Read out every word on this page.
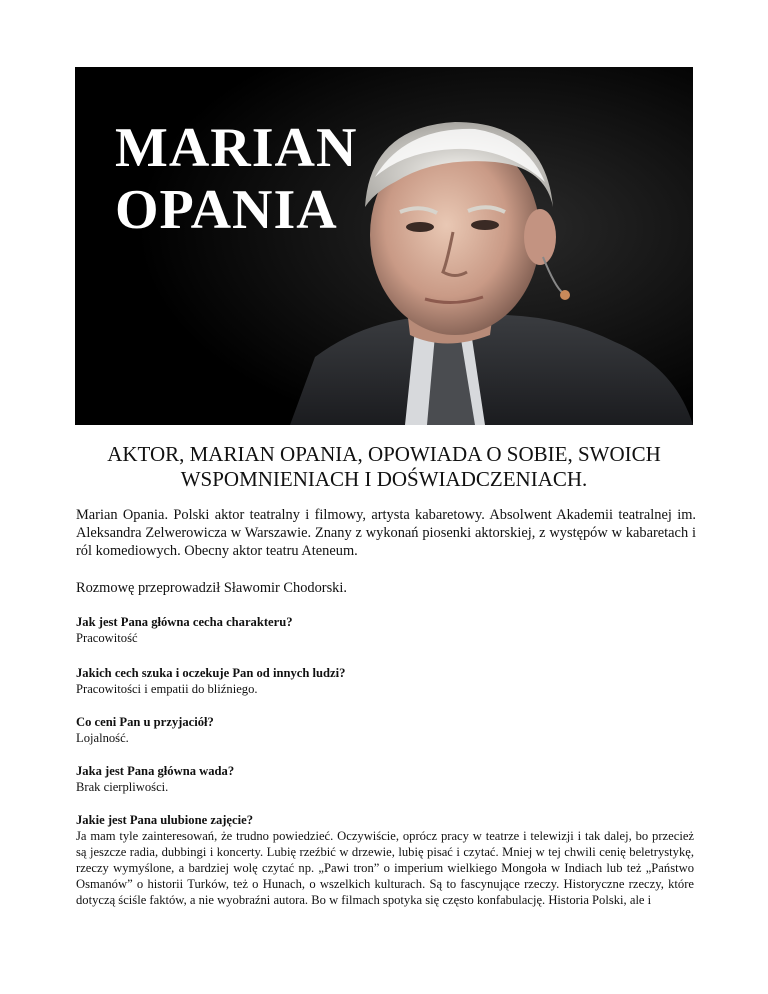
MARIAN
OPANIA
AKTOR, MARIAN OPANIA, OPOWIADA O SOBIE, SWOICH WSPOMNIENIACH I DOŚWIADCZENIACH.

Marian Opania. Polski aktor teatralny i filmowy, artysta kabaretowy. Absolwent Akademii teatralnej im. Aleksandra Zelwerowicza w Warszawie. Znany z wykonań piosenki aktorskiej, z występów w kabaretach i ról komediowych. Obecny aktor teatru Ateneum.

Rozmowę przeprowadził Sławomir Chodorski.

Jak jest Pana główna cecha charakteru?

Pracowitość

Jakich cech szuka i oczekuje Pan od innych ludzi?

Pracowitości i empatii do bliźniego.

Co ceni Pan u przyjaciół?

Lojalność.

Jaka jest Pana główna wada?

Brak cierpliwości.

Jakie jest Pana ulubione zajęcie?

Ja mam tyle zainteresowań, że trudno powiedzieć. Oczywiście, oprócz pracy w teatrze i telewizji i tak dalej, bo przecież są jeszcze radia, dubbingi i koncerty. Lubię rzeźbić w drzewie, lubię pisać i czytać. Mniej w tej chwili cenię beletrystykę, rzeczy wymyślone, a bardziej wolę czytać np. „Pawi tron” o imperium wielkiego Mongoła w Indiach lub też „Państwo Osmanów” o historii Turków, też o Hunach, o wszelkich kulturach. Są to fascynujące rzeczy. Historyczne rzeczy, które dotyczą ściśle faktów, a nie wyobraźni autora. Bo w filmach spotyka się często konfabulację. Historia Polski, ale i
